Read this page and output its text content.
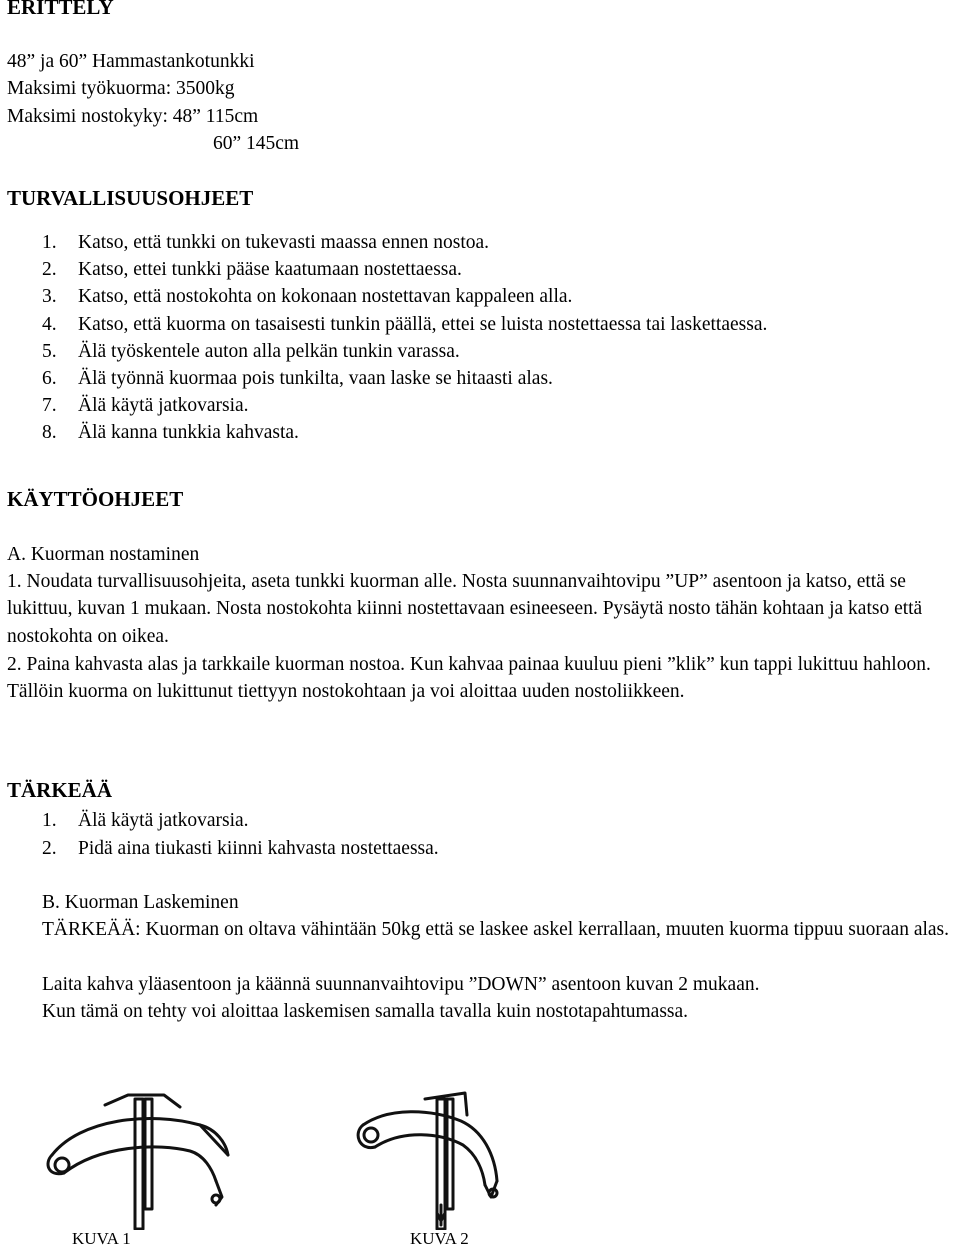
ERITTELY
48” ja 60” Hammastankotunkki
Maksimi työkuorma: 3500kg
Maksimi nostokyky: 48” 115cm
60” 145cm
TURVALLISUUSOHJEET
1. Katso, että tunkki on tukevasti maassa ennen nostoa.
2. Katso, ettei tunkki pääse kaatumaan nostettaessa.
3. Katso, että nostokohta on kokonaan nostettavan kappaleen alla.
4. Katso, että kuorma on tasaisesti tunkin päällä, ettei se luista nostettaessa tai laskettaessa.
5. Älä työskentele auton alla pelkän tunkin varassa.
6. Älä työnnä kuormaa pois tunkilta, vaan laske se hitaasti alas.
7. Älä käytä jatkovarsia.
8. Älä kanna tunkkia kahvasta.
KÄYTTÖOHJEET
A. Kuorman nostaminen
1. Noudata turvallisuusohjeita, aseta tunkki kuorman alle. Nosta suunnanvaihtovipu ”UP” asentoon ja katso, että se lukittuu, kuvan 1 mukaan. Nosta nostokohta kiinni nostettavaan esineeseen. Pysäytä nosto tähän kohtaan ja katso että nostokohta on oikea.
2. Paina kahvasta alas ja tarkkaile kuorman nostoa. Kun kahvaa painaa kuuluu pieni ”klik” kun tappi lukittuu hahloon. Tällöin kuorma on lukittunut tiettyyn nostokohtaan ja voi aloittaa uuden nostoliikkeen.
TÄRKEÄÄ
1. Älä käytä jatkovarsia.
2. Pidä aina tiukasti kiinni kahvasta nostettaessa.
B. Kuorman Laskeminen
TÄRKEÄÄ: Kuorman on oltava vähintään 50kg että se laskee askel kerrallaan, muuten kuorma tippuu suoraan alas.
Laita kahva yläasentoon ja käännä suunnanvaihtovipu ”DOWN” asentoon kuvan 2 mukaan.
Kun tämä on tehty voi aloittaa laskemisen samalla tavalla kuin nostotapahtumassa.
KUVA 1	KUVA 2
